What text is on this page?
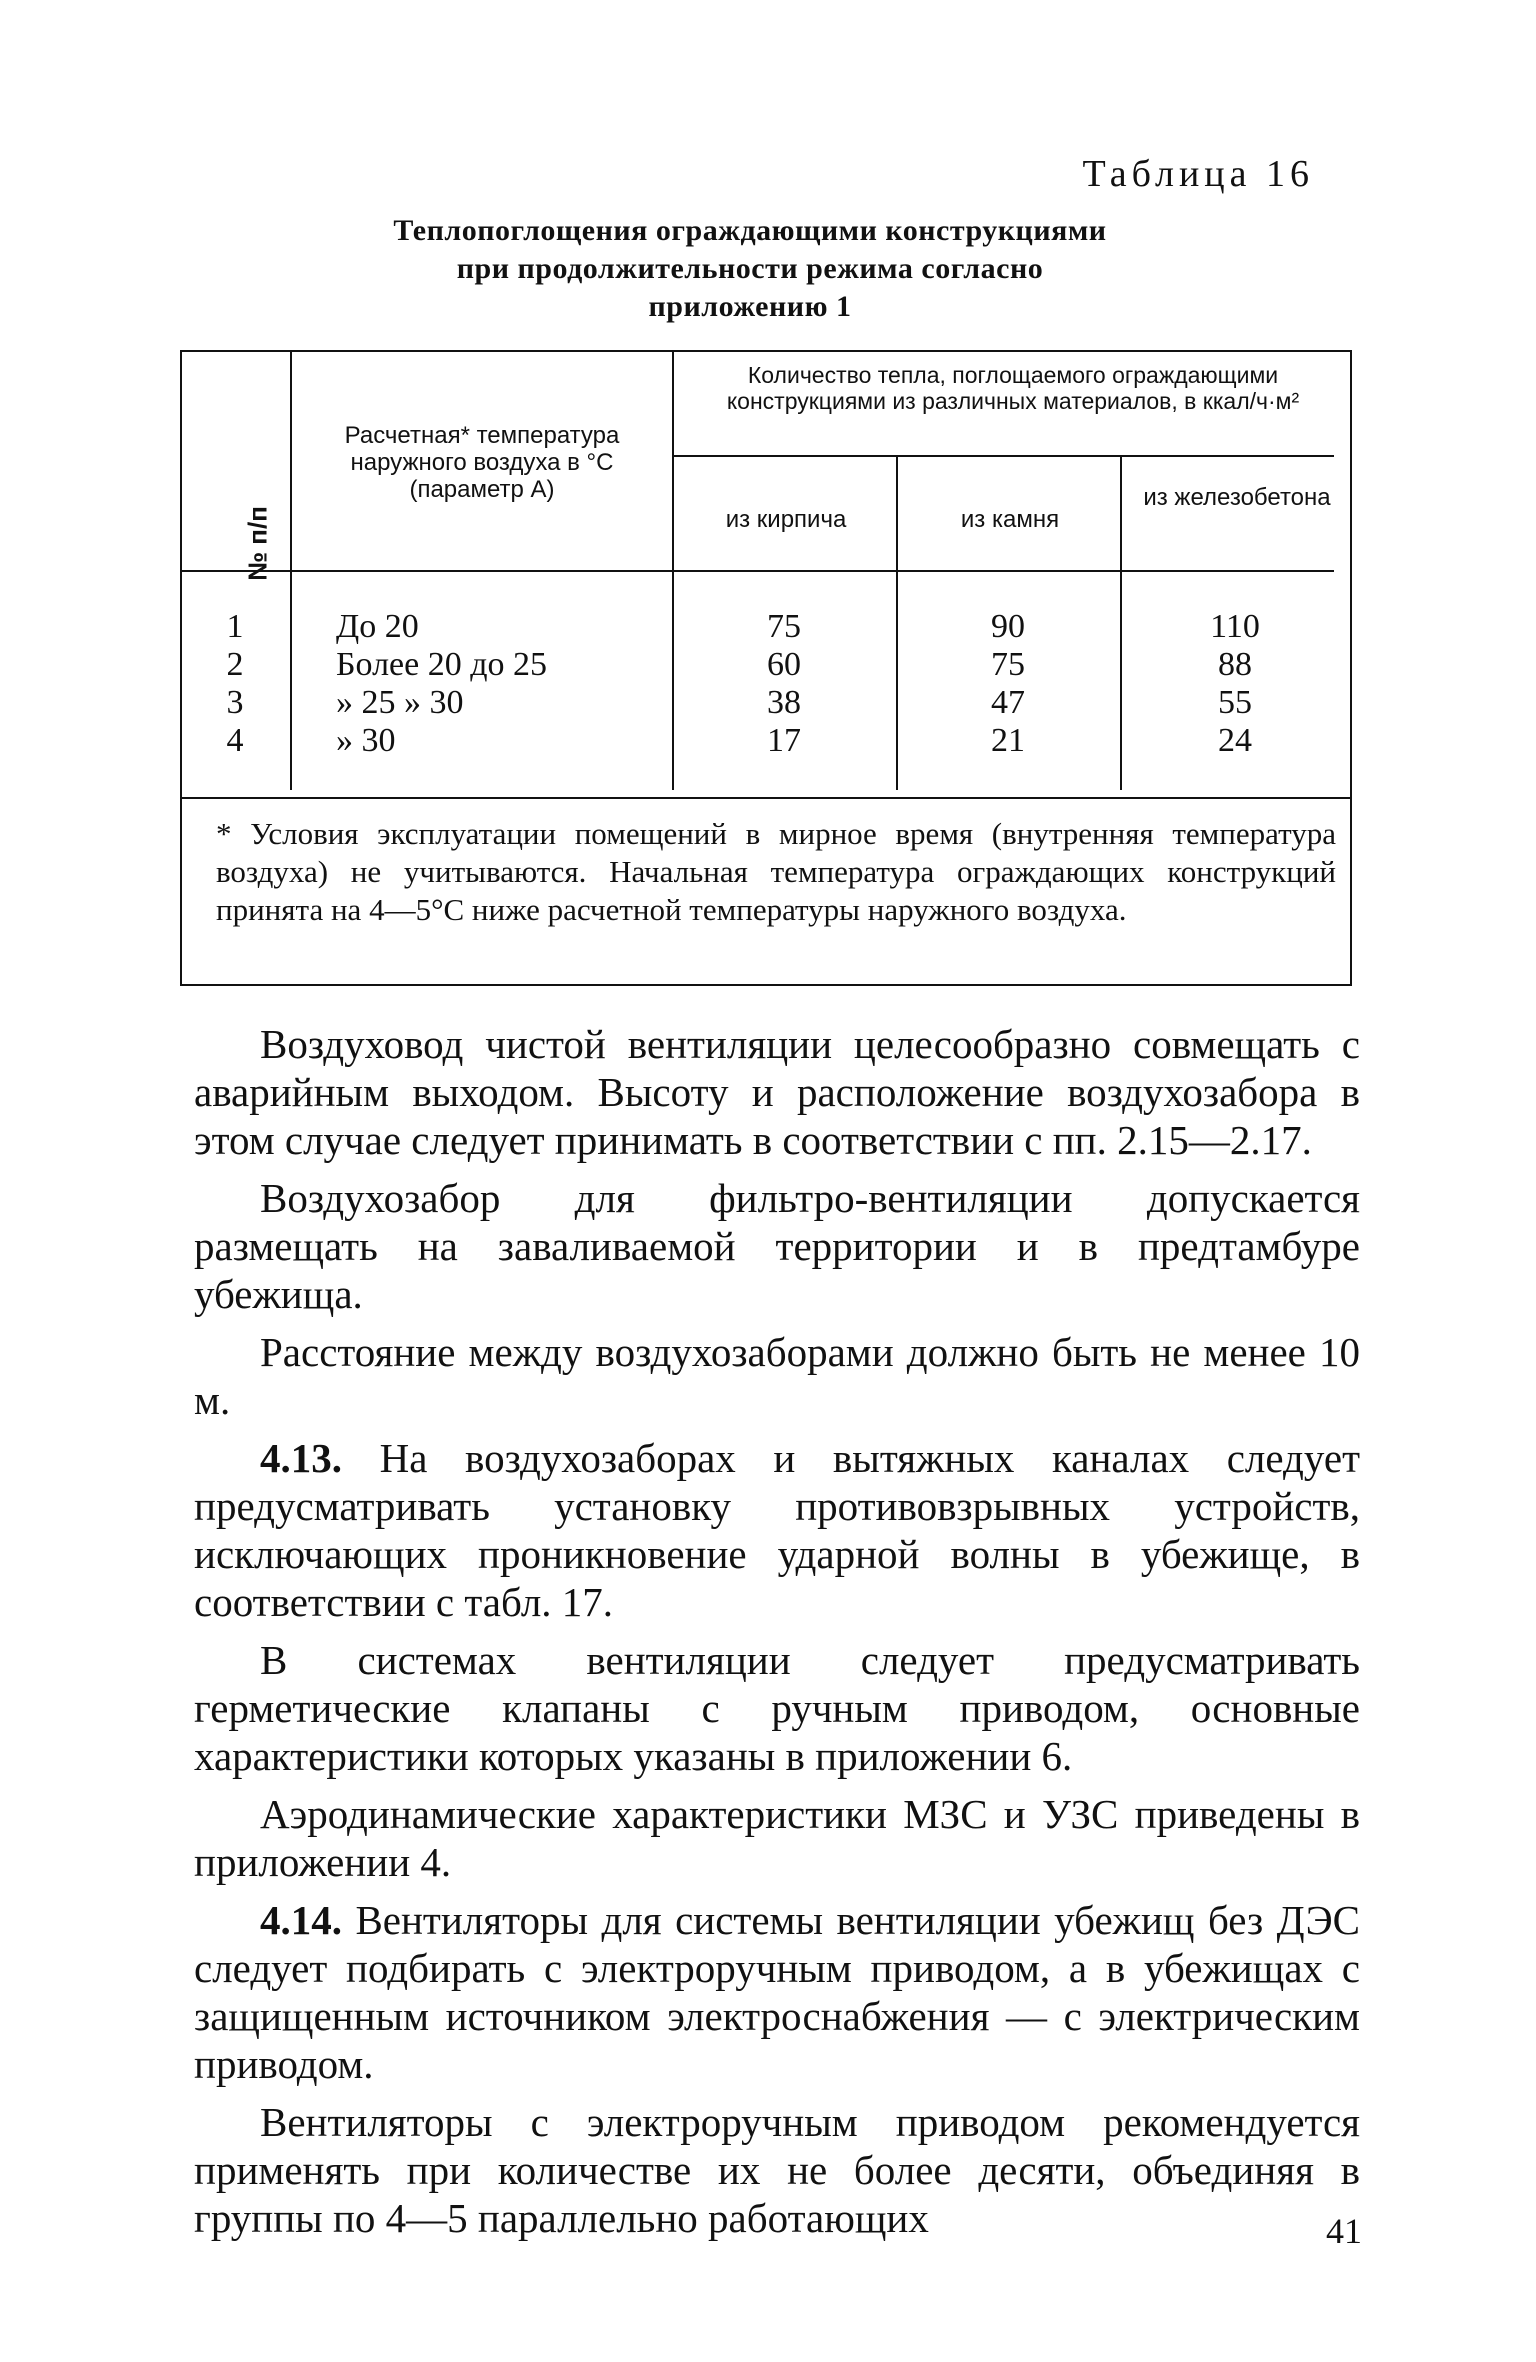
Таблица 16
Теплопоглощения ограждающими конструкциями
при продолжительности режима согласно
приложению 1
№ п/п
Расчетная* температура наружного воздуха в °С (параметр А)
Количество тепла, поглощаемого ограждающими конструкциями из различных материалов, в ккал/ч·м²
из кирпича	из камня
из железобетона
1	До 20	75	90	110
2	Более 20 до 25	60	75	88
3	» 25 » 30	38	47	55
4	» 30	17	21	24
* Условия эксплуатации помещений в мирное время (внутренняя температура воздуха) не учитываются. Начальная температура ограждающих конструкций принята на 4—5°С ниже расчетной температуры наружного воздуха.

Воздуховод чистой вентиляции целесообразно совмещать с аварийным выходом. Высоту и расположение воздухозабора в этом случае следует принимать в соответствии с пп. 2.15—2.17.

Воздухозабор для фильтро-вентиляции допускается размещать на заваливаемой территории и в предтамбуре убежища.

Расстояние между воздухозаборами должно быть не менее 10 м.

4.13. На воздухозаборах и вытяжных каналах следует предусматривать установку противовзрывных устройств, исключающих проникновение ударной волны в убежище, в соответствии с табл. 17.

В системах вентиляции следует предусматривать герметические клапаны с ручным приводом, основные характеристики которых указаны в приложении 6.

Аэродинамические характеристики МЗС и УЗС приведены в приложении 4.

4.14. Вентиляторы для системы вентиляции убежищ без ДЭС следует подбирать с электроручным приводом, а в убежищах с защищенным источником электроснабжения — с электрическим приводом.

Вентиляторы с электроручным приводом рекомендуется применять при количестве их не более десяти, объединяя в группы по 4—5 параллельно работающих	41
